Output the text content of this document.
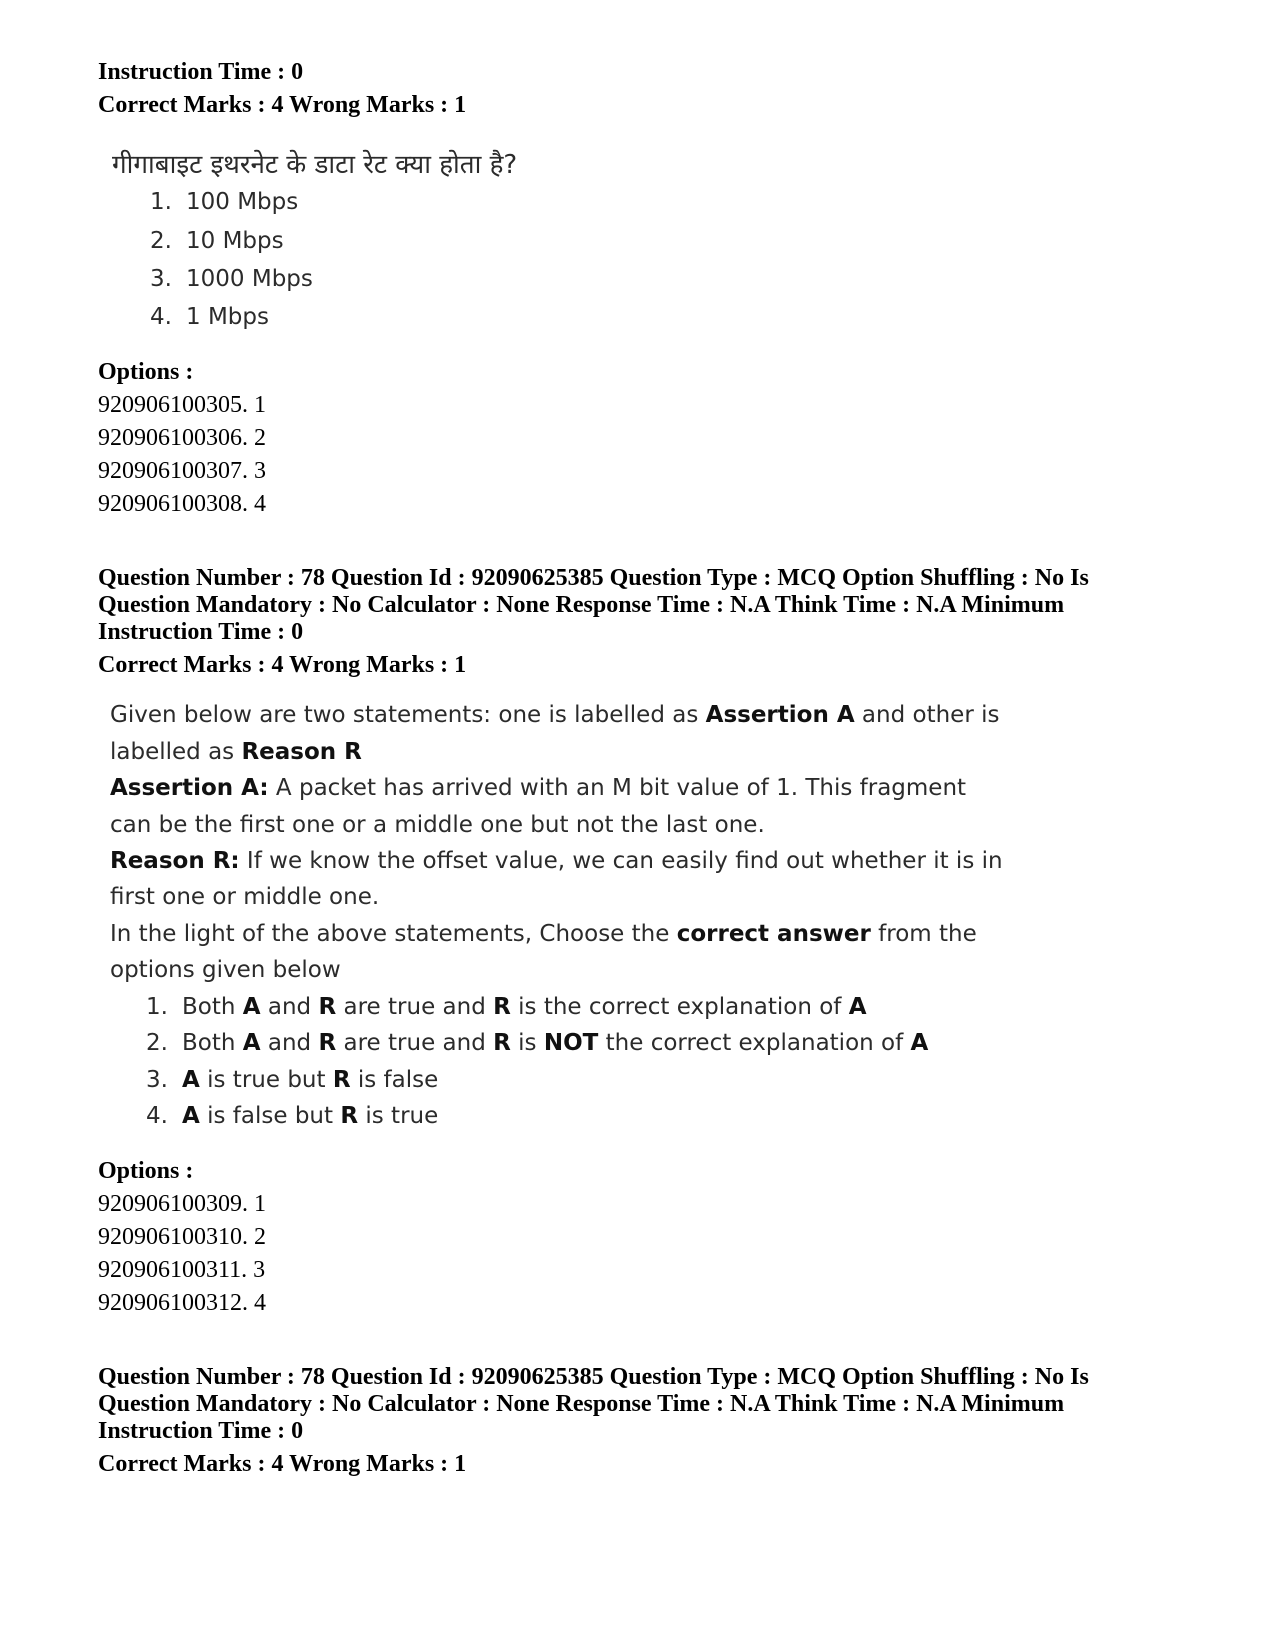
Instruction Time : 0
Correct Marks : 4 Wrong Marks : 1
गीगाबाइट इथरनेट के डाटा रेट क्या होता है?
1. 100 Mbps
2. 10 Mbps
3. 1000 Mbps
4. 1 Mbps
Options :
920906100305. 1
920906100306. 2
920906100307. 3
920906100308. 4
Question Number : 78 Question Id : 92090625385 Question Type : MCQ Option Shuffling : No Is
Question Mandatory : No Calculator : None Response Time : N.A Think Time : N.A Minimum
Instruction Time : 0
Correct Marks : 4 Wrong Marks : 1
Given below are two statements: one is labelled as Assertion A and other is
labelled as Reason R
Assertion A: A packet has arrived with an M bit value of 1. This fragment
can be the first one or a middle one but not the last one.
Reason R: If we know the offset value, we can easily find out whether it is in
first one or middle one.
In the light of the above statements, Choose the correct answer from the
options given below
1. Both A and R are true and R is the correct explanation of A
2. Both A and R are true and R is NOT the correct explanation of A
3. A is true but R is false
4. A is false but R is true
Options :
920906100309. 1
920906100310. 2
920906100311. 3
920906100312. 4
Question Number : 78 Question Id : 92090625385 Question Type : MCQ Option Shuffling : No Is
Question Mandatory : No Calculator : None Response Time : N.A Think Time : N.A Minimum
Instruction Time : 0
Correct Marks : 4 Wrong Marks : 1
